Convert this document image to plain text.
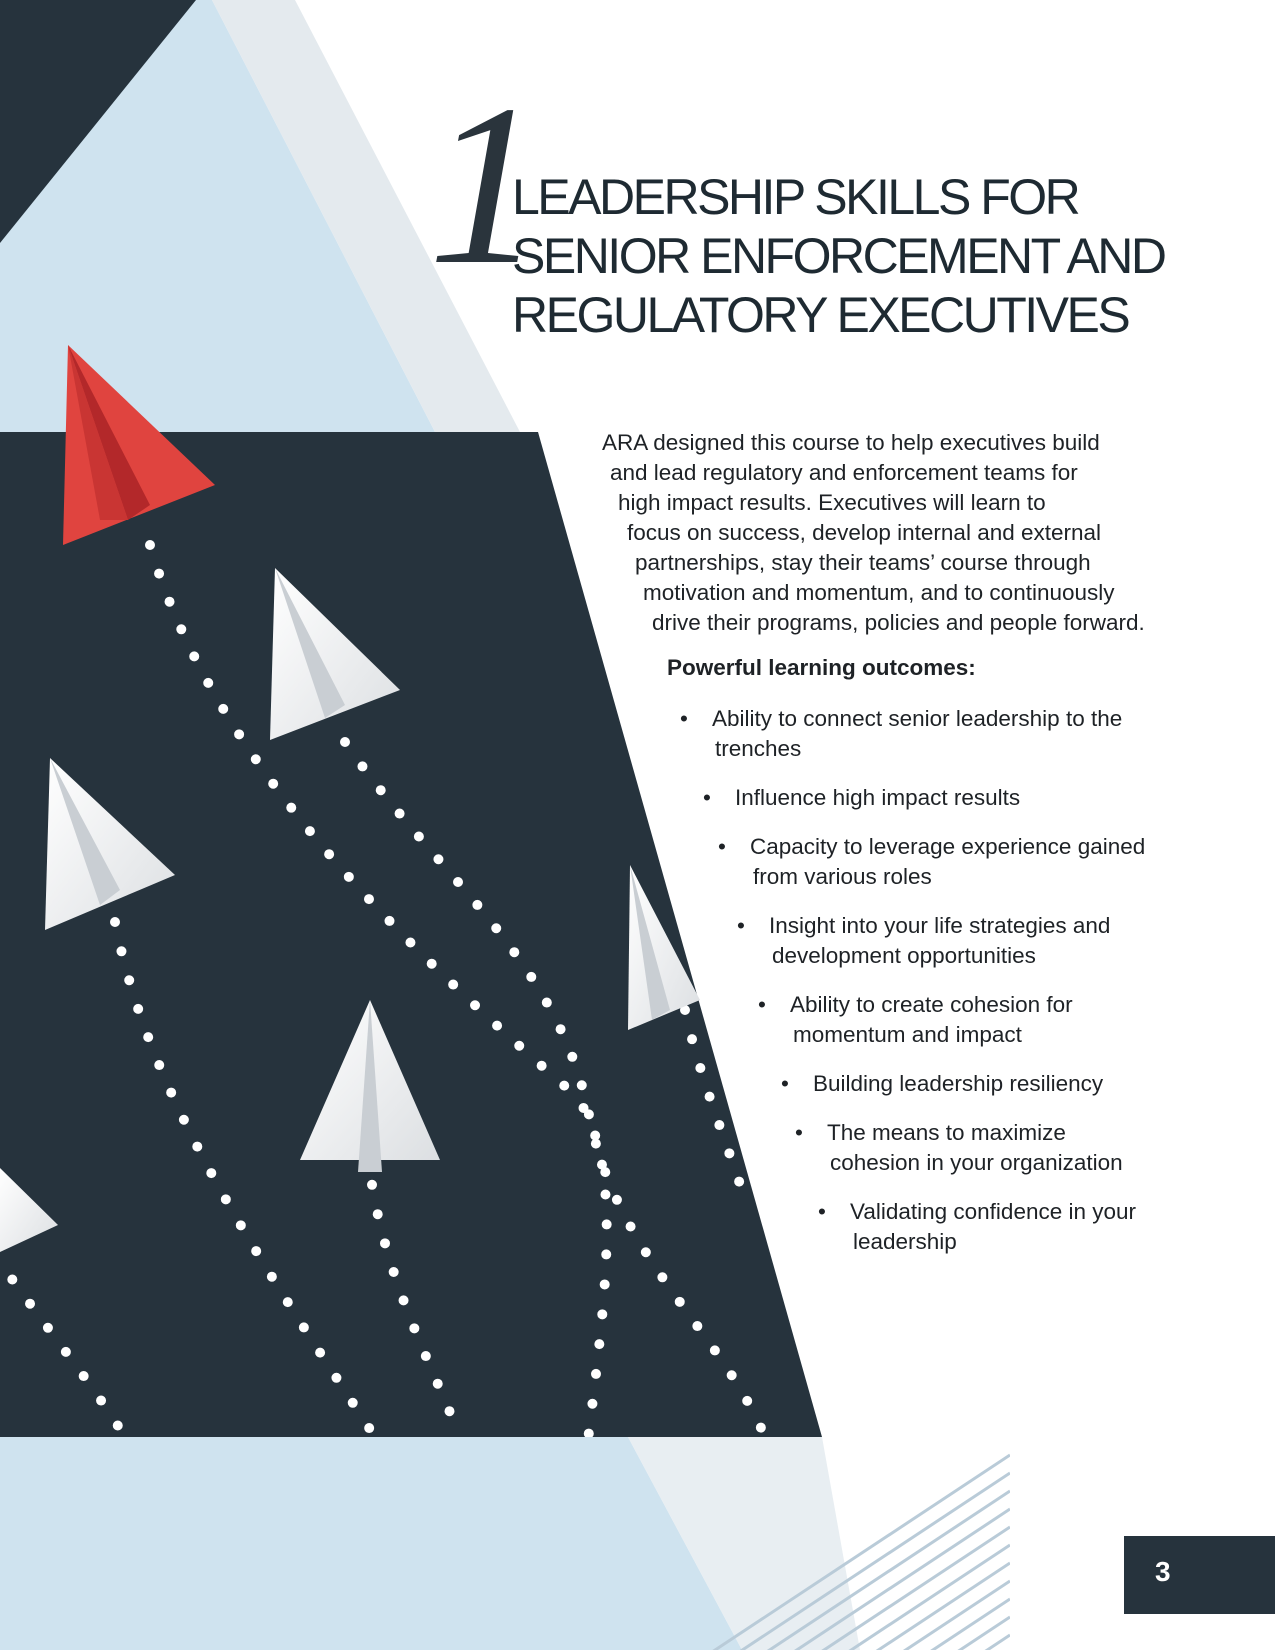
1
LEADERSHIP SKILLS FOR
SENIOR ENFORCEMENT AND
REGULATORY EXECUTIVES
ARA designed this course to help executives build
and lead regulatory and enforcement teams for
high impact results. Executives will learn to
focus on success, develop internal and external
partnerships, stay their teams’ course through
motivation and momentum, and to continuously
drive their programs, policies and people forward.
Powerful learning outcomes:
• Ability to connect senior leadership to the
trenches
• Influence high impact results
• Capacity to leverage experience gained
from various roles
• Insight into your life strategies and
development opportunities
• Ability to create cohesion for
momentum and impact
• Building leadership resiliency
• The means to maximize
cohesion in your organization
• Validating confidence in your
leadership
3
